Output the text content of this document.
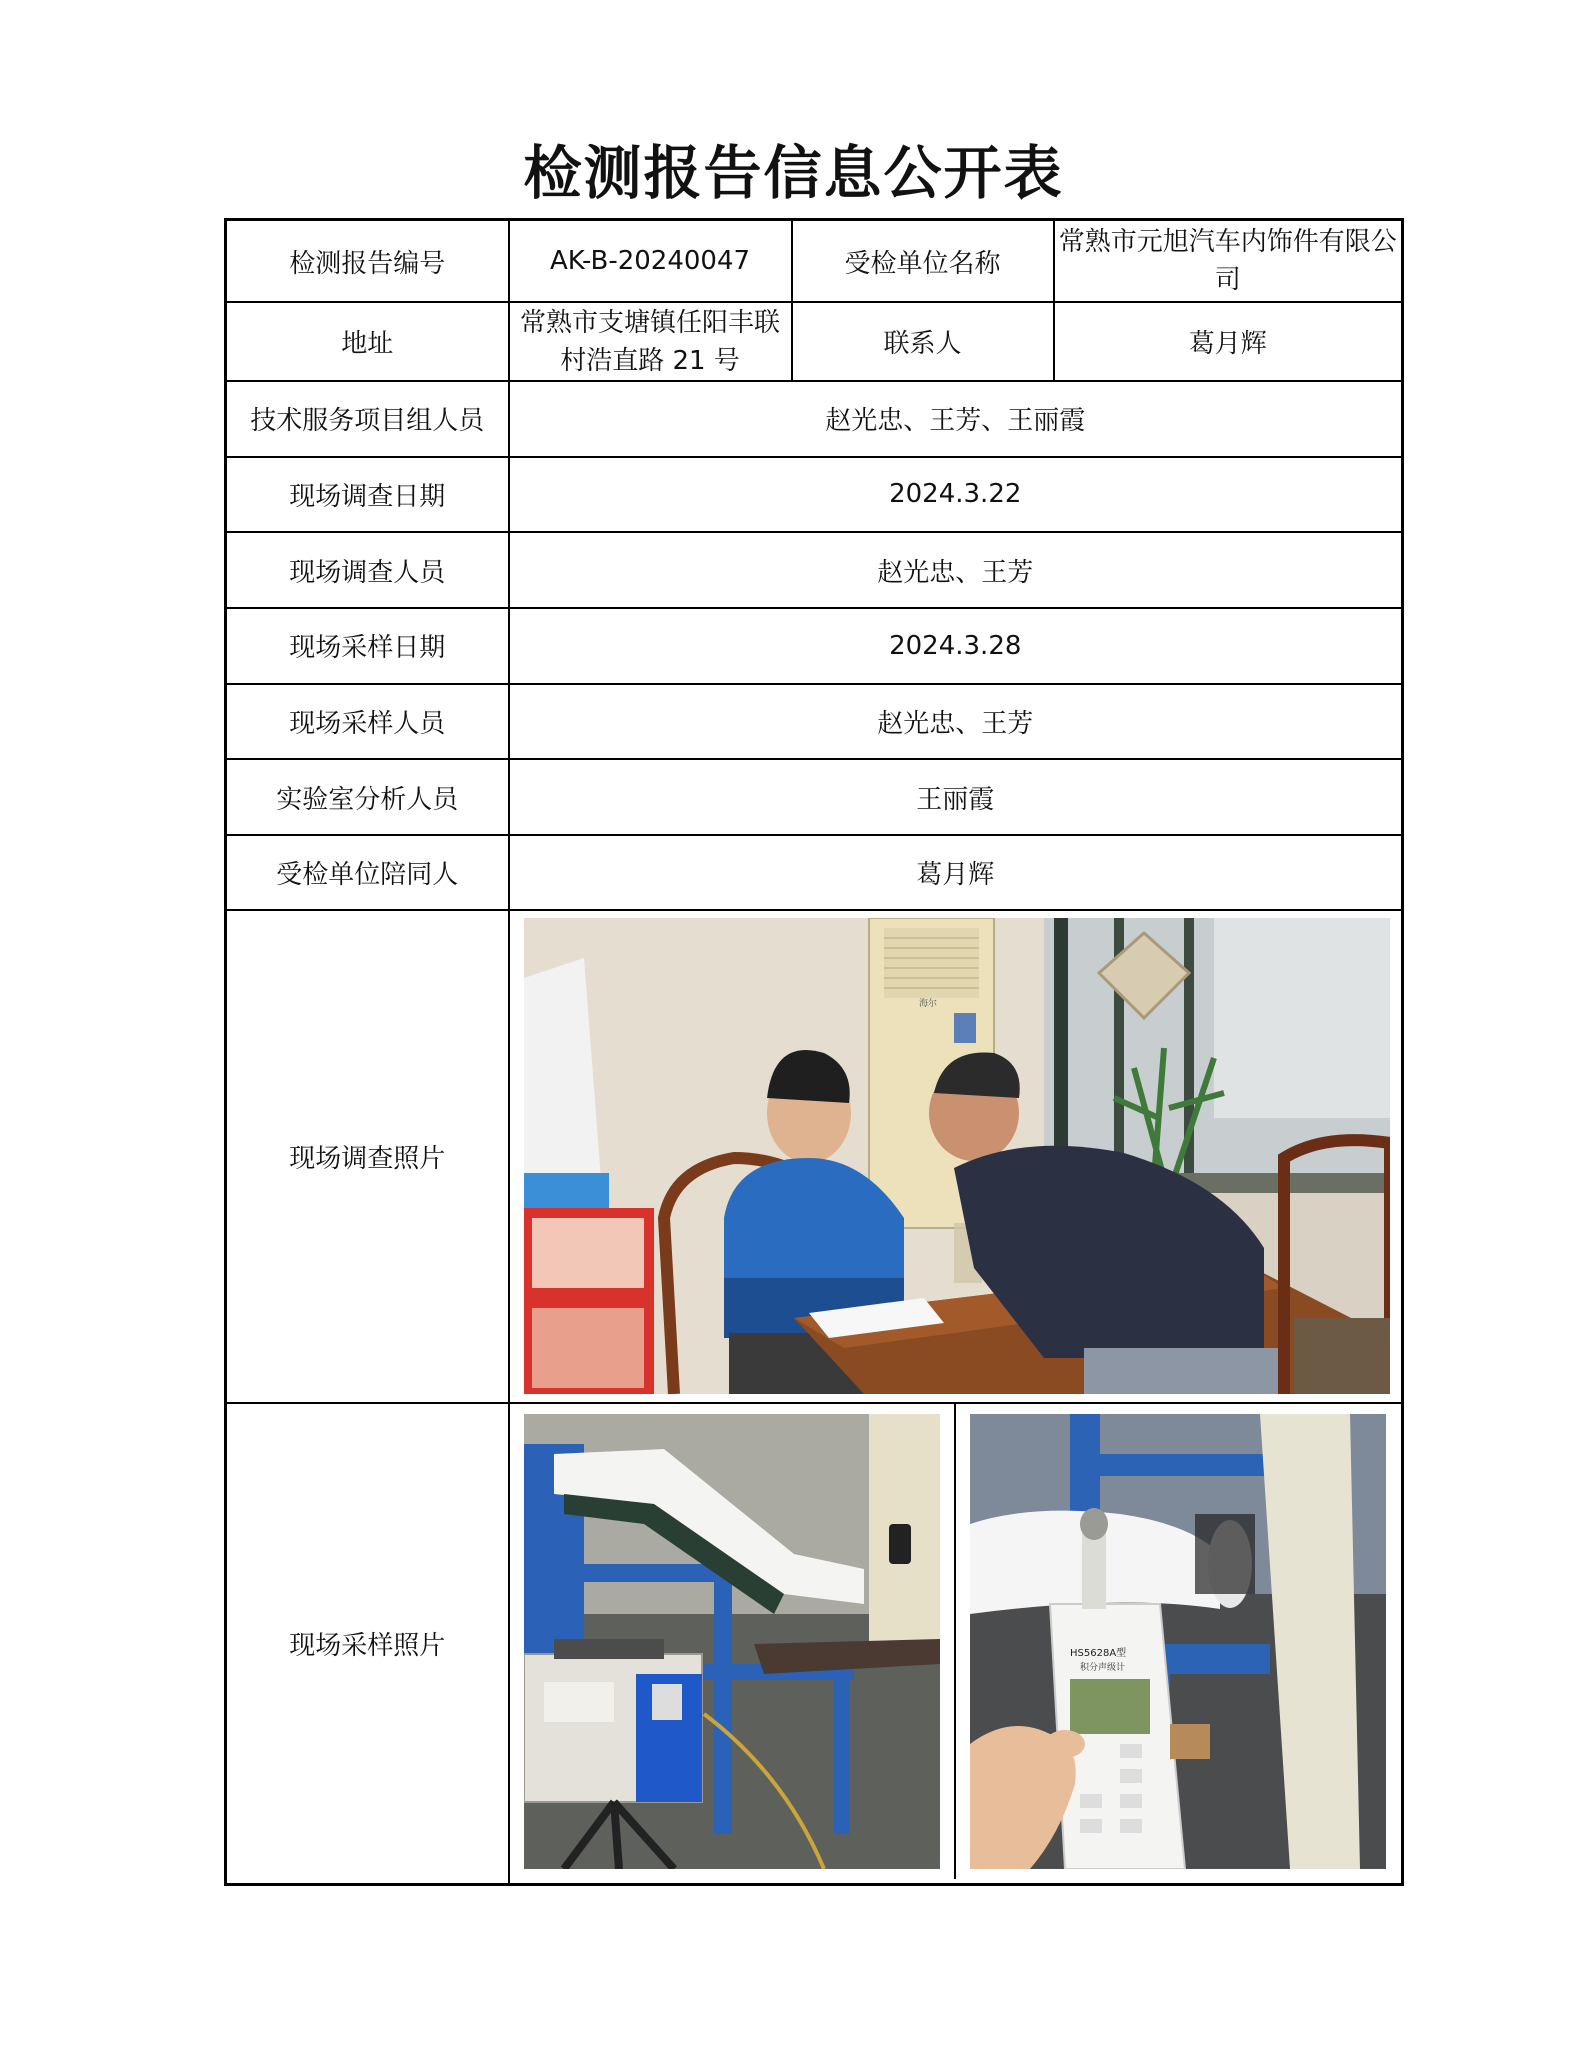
检测报告信息公开表
检测报告编号	AK-B-20240047	受检单位名称	常熟市元旭汽车内饰件有限公司
地址	常熟市支塘镇任阳丰联村浩直路 21 号	联系人	葛月辉
技术服务项目组人员	赵光忠、王芳、王丽霞		
现场调查日期	2024.3.22		
现场调查人员	赵光忠、王芳		
现场采样日期	2024.3.28		
现场采样人员	赵光忠、王芳		
实验室分析人员	王丽霞		
受检单位陪同人	葛月辉		
现场调查照片	海尔		

现场采样照片	HS5628A型
积分声级计		
